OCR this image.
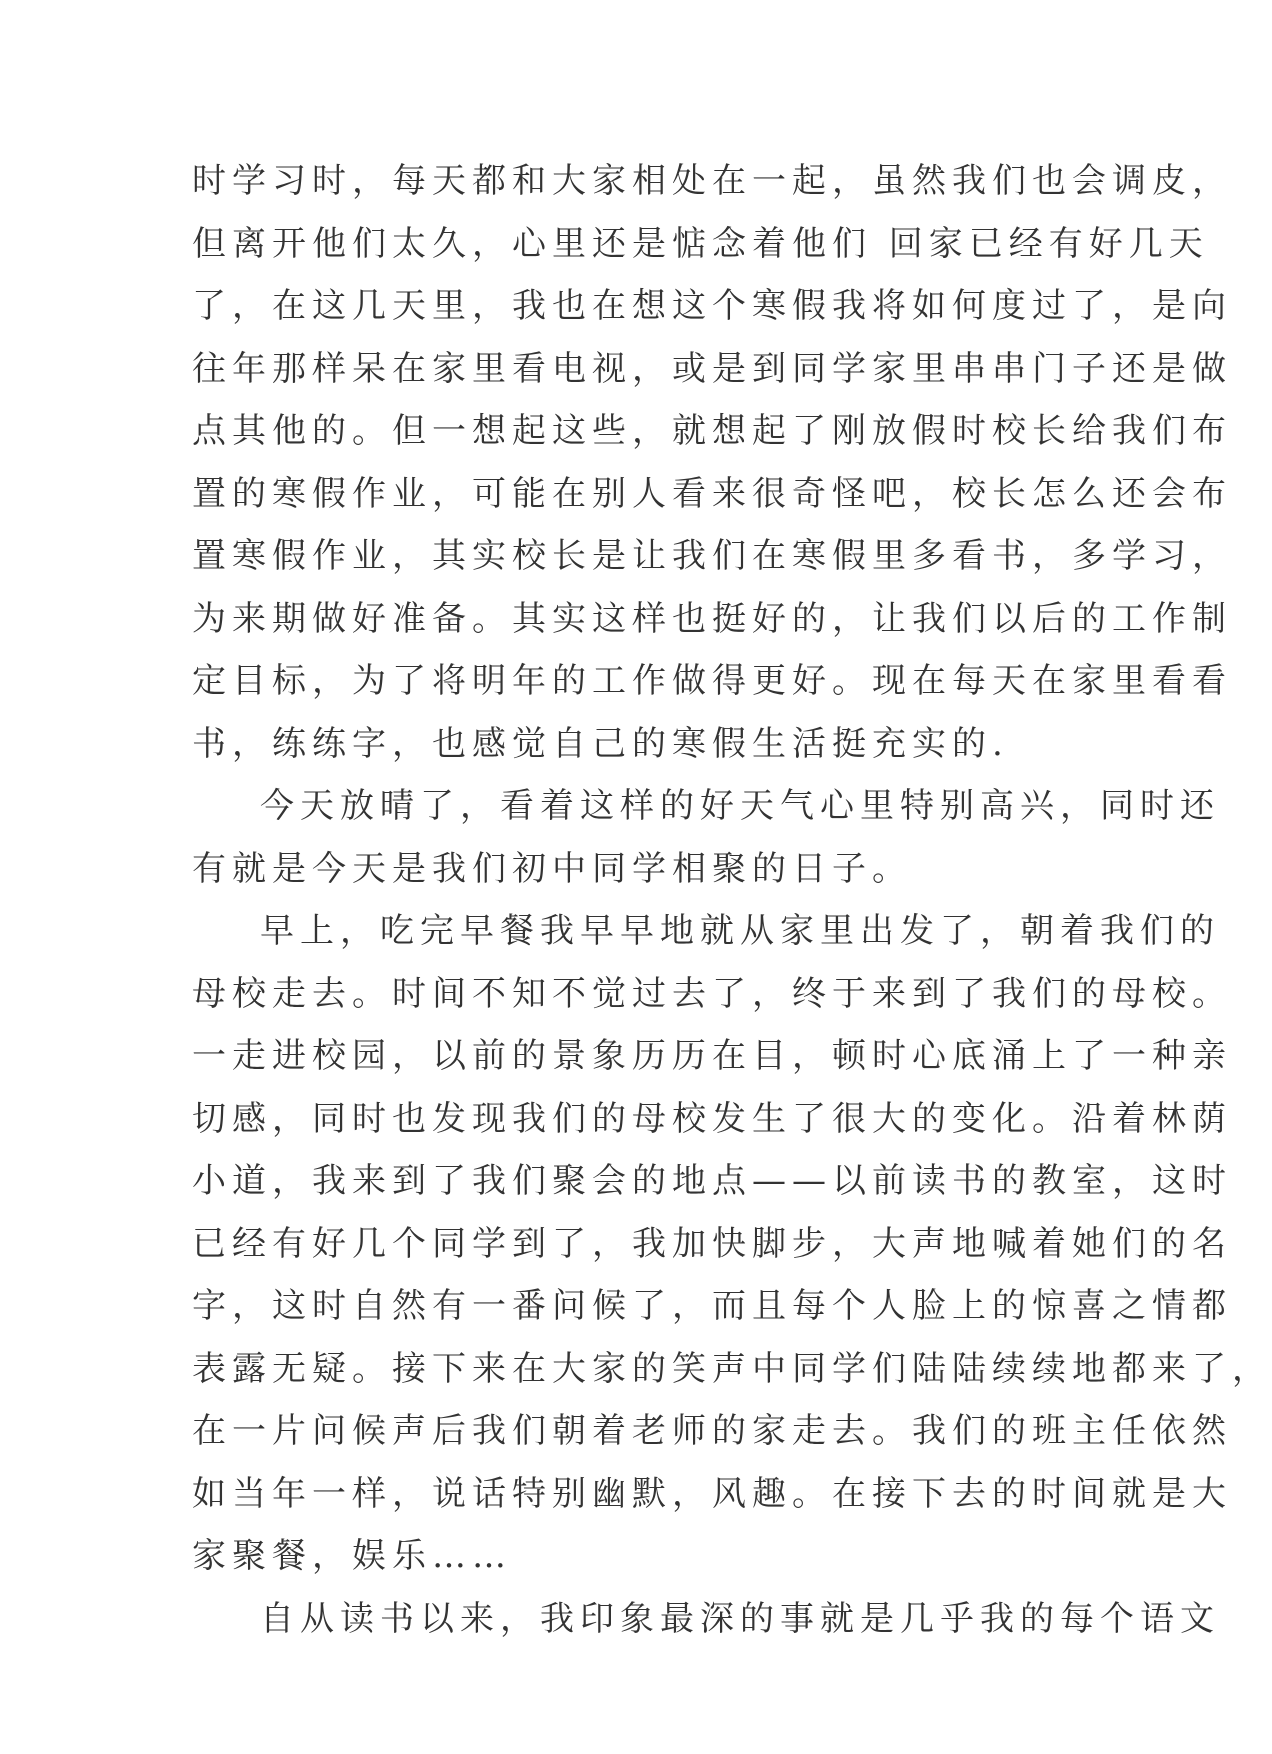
时学习时，每天都和大家相处在一起，虽然我们也会调皮，
但离开他们太久，心里还是惦念着他们 回家已经有好几天
了，在这几天里，我也在想这个寒假我将如何度过了，是向
往年那样呆在家里看电视，或是到同学家里串串门子还是做
点其他的。但一想起这些，就想起了刚放假时校长给我们布
置的寒假作业，可能在别人看来很奇怪吧，校长怎么还会布
置寒假作业，其实校长是让我们在寒假里多看书，多学习，
为来期做好准备。其实这样也挺好的，让我们以后的工作制
定目标，为了将明年的工作做得更好。现在每天在家里看看
书，练练字，也感觉自己的寒假生活挺充实的.
今天放晴了，看着这样的好天气心里特别高兴，同时还
有就是今天是我们初中同学相聚的日子。
早上，吃完早餐我早早地就从家里出发了，朝着我们的
母校走去。时间不知不觉过去了，终于来到了我们的母校。
一走进校园，以前的景象历历在目，顿时心底涌上了一种亲
切感，同时也发现我们的母校发生了很大的变化。沿着林荫
小道，我来到了我们聚会的地点——以前读书的教室，这时
已经有好几个同学到了，我加快脚步，大声地喊着她们的名
字，这时自然有一番问候了，而且每个人脸上的惊喜之情都
表露无疑。接下来在大家的笑声中同学们陆陆续续地都来了，
在一片问候声后我们朝着老师的家走去。我们的班主任依然
如当年一样，说话特别幽默，风趣。在接下去的时间就是大
家聚餐，娱乐……
自从读书以来，我印象最深的事就是几乎我的每个语文
